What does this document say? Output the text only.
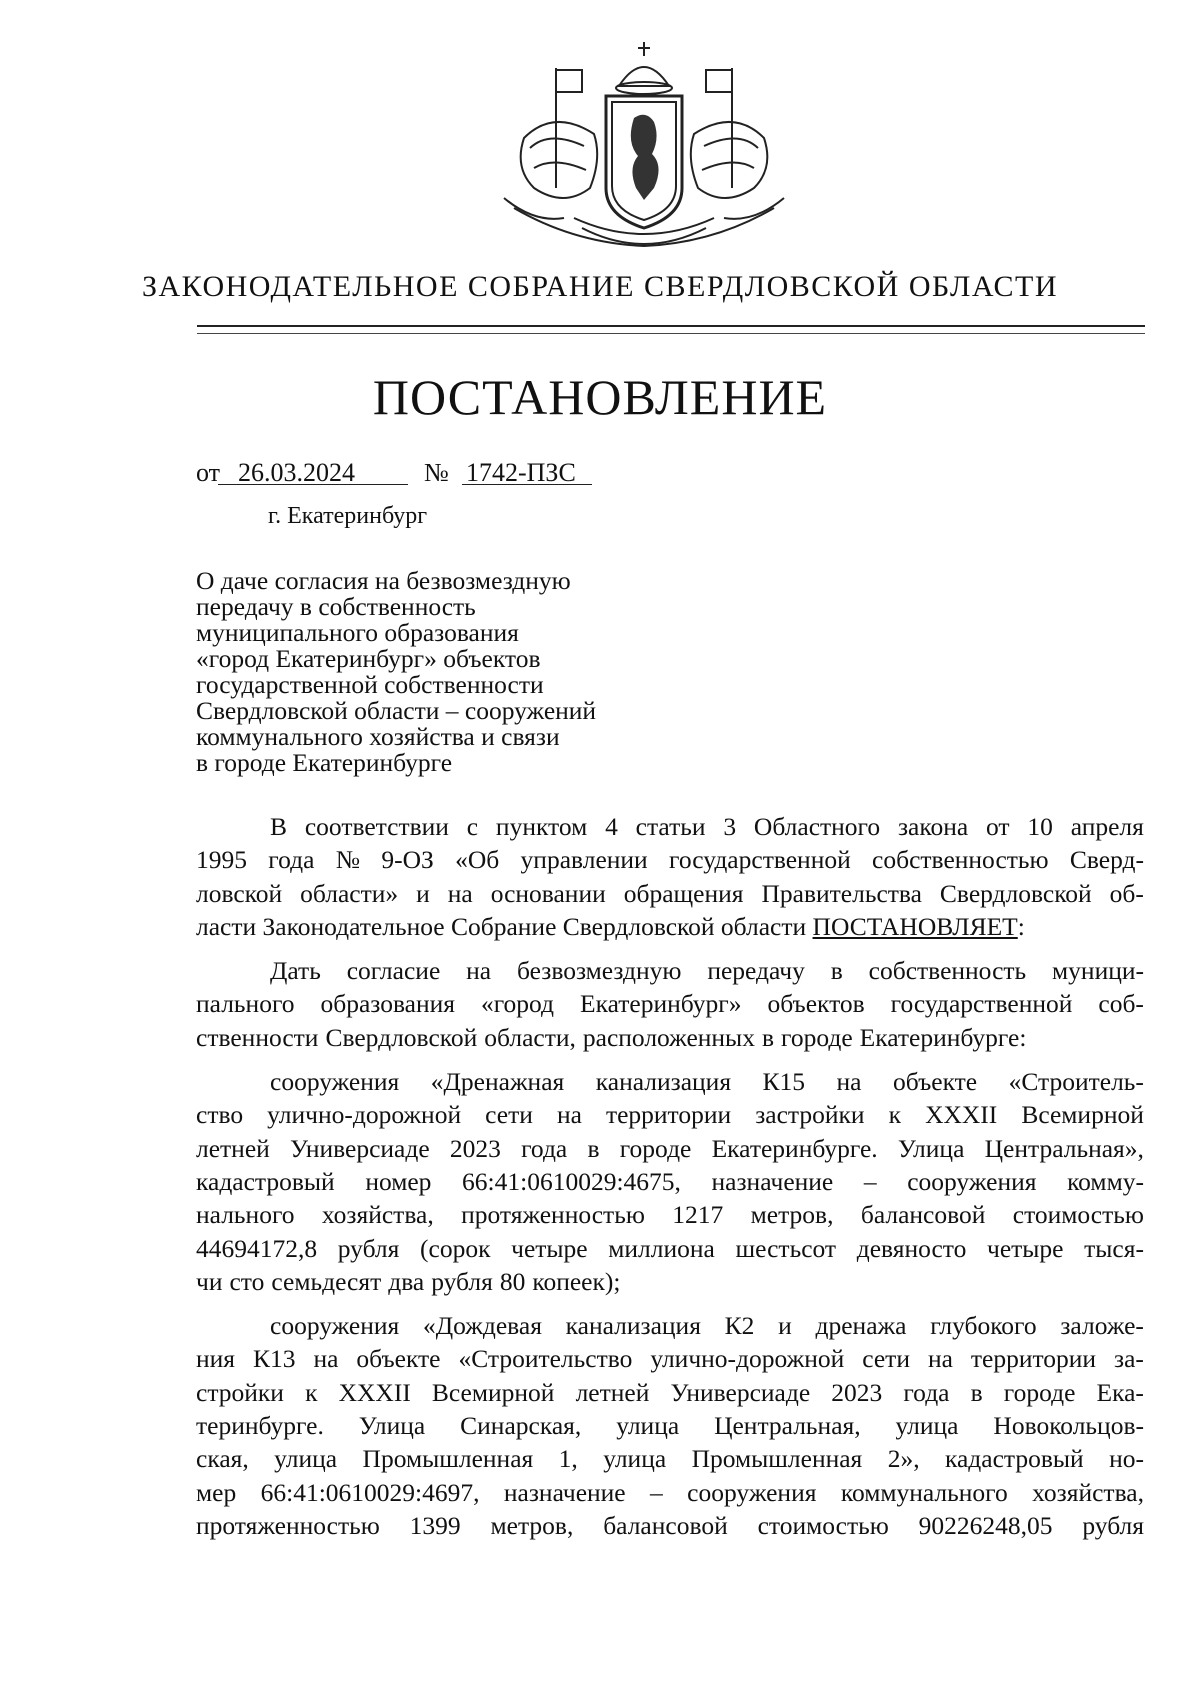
ЗАКОНОДАТЕЛЬНОЕ СОБРАНИЕ СВЕРДЛОВСКОЙ ОБЛАСТИ
ПОСТАНОВЛЕНИЕ
от 26.03.2024	№ 1742-ПЗС
г. Екатеринбург
О даче согласия на безвозмездную
передачу в собственность
муниципального образования
«город Екатеринбург» объектов
государственной собственности
Свердловской области – сооружений
коммунального хозяйства и связи
в городе Екатеринбурге
В соответствии с пунктом 4 статьи 3 Областного закона от 10 апреля
1995 года № 9-ОЗ «Об управлении государственной собственностью Сверд-
ловской области» и на основании обращения Правительства Свердловской об-
ласти Законодательное Собрание Свердловской области
ПОСТАНОВЛЯЕТ :
Дать согласие на безвозмездную передачу в собственность муници-
пального образования «город Екатеринбург» объектов государственной соб-
ственности Свердловской области, расположенных в городе Екатеринбурге:
сооружения «Дренажная канализация К15 на объекте «Строитель-
ство улично-дорожной сети на территории застройки к XXXII Всемирной
летней Универсиаде 2023 года в городе Екатеринбурге. Улица Центральная»,
кадастровый номер 66:41:0610029:4675, назначение – сооружения комму-
нального хозяйства, протяженностью 1217 метров, балансовой стоимостью
44694172,8 рубля (сорок четыре миллиона шестьсот девяносто четыре тыся-
чи сто семьдесят два рубля 80 копеек);
сооружения «Дождевая канализация К2 и дренажа глубокого заложе-
ния К13 на объекте «Строительство улично-дорожной сети на территории за-
стройки к XXXII Всемирной летней Универсиаде 2023 года в городе Ека-
теринбурге. Улица Синарская, улица Центральная, улица Новокольцов-
ская, улица Промышленная 1, улица Промышленная 2», кадастровый но-
мер 66:41:0610029:4697, назначение – сооружения коммунального хозяйства,
протяженностью 1399 метров, балансовой стоимостью 90226248,05 рубля
